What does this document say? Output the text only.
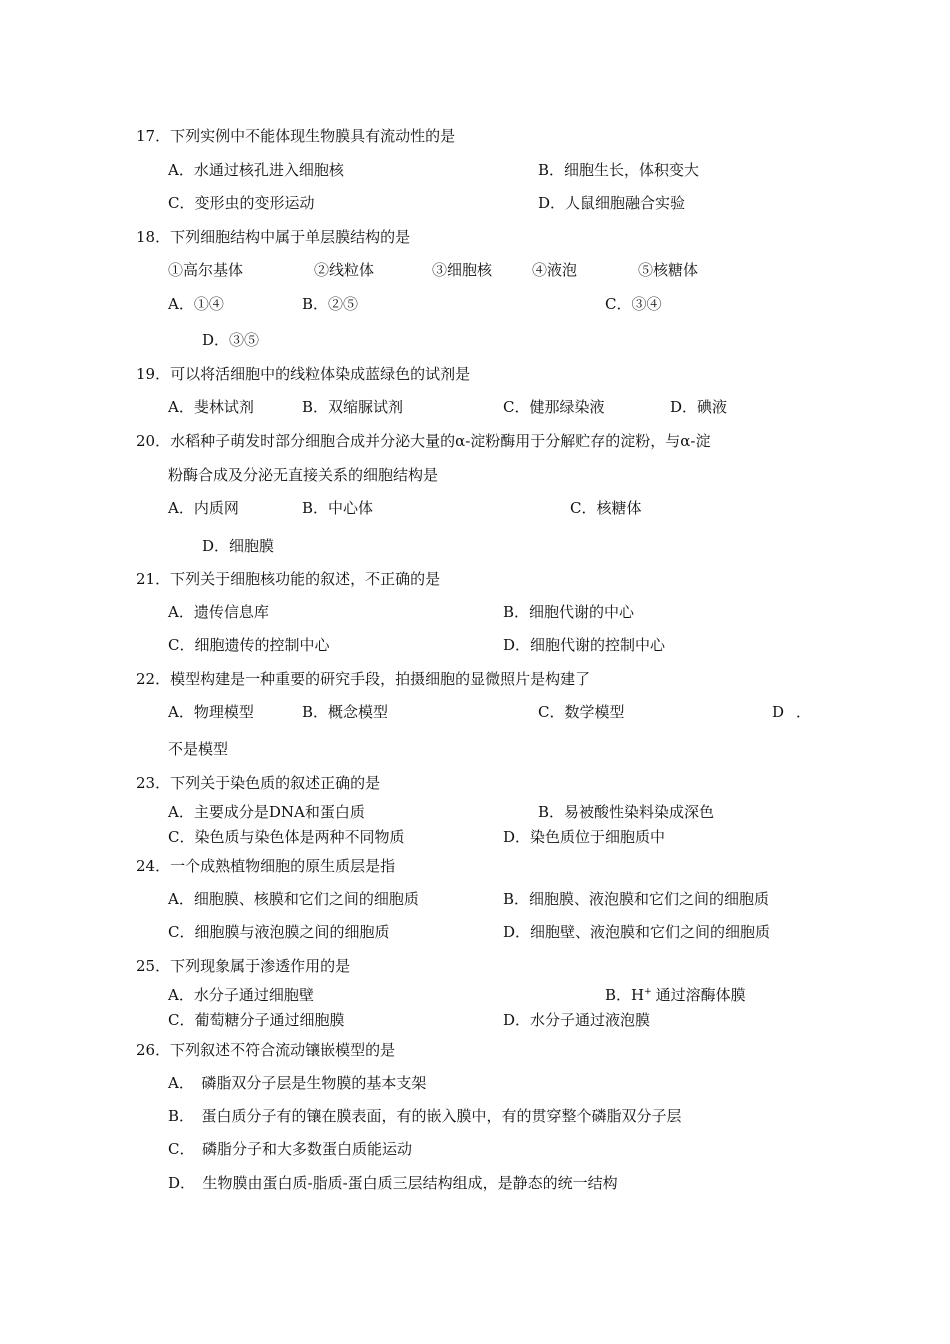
17．下列实例中不能体现生物膜具有流动性的是
A．水通过核孔进入细胞核	B．细胞生长，体积变大
C．变形虫的变形运动	D．人鼠细胞融合实验
18．下列细胞结构中属于单层膜结构的是
①高尔基体	②线粒体	③细胞核	④液泡	⑤核糖体
A．①④	B．②⑤	C．③④
D．③⑤
19．可以将活细胞中的线粒体染成蓝绿色的试剂是
A．斐林试剂	B．双缩脲试剂	C．健那绿染液	D．碘液
20．水稻种子萌发时部分细胞合成并分泌大量的α-淀粉酶用于分解贮存的淀粉，与α-淀
粉酶合成及分泌无直接关系的细胞结构是
A．内质网	B．中心体	C．核糖体
D．细胞膜
21．下列关于细胞核功能的叙述，不正确的是
A．遗传信息库	B．细胞代谢的中心
C．细胞遗传的控制中心	D．细胞代谢的控制中心
22．模型构建是一种重要的研究手段，拍摄细胞的显微照片是构建了
A．物理模型	B．概念模型	C．数学模型	D ．
不是模型
23．下列关于染色质的叙述正确的是
A．主要成分是DNA和蛋白质	B．易被酸性染料染成深色
C．染色质与染色体是两种不同物质	D．染色质位于细胞质中
24．一个成熟植物细胞的原生质层是指
A．细胞膜、核膜和它们之间的细胞质	B．细胞膜、液泡膜和它们之间的细胞质
C．细胞膜与液泡膜之间的细胞质	D．细胞壁、液泡膜和它们之间的细胞质
25．下列现象属于渗透作用的是
A．水分子通过细胞壁	B．H+ 通过溶酶体膜
C．葡萄糖分子通过细胞膜	D．水分子通过液泡膜
26．下列叙述不符合流动镶嵌模型的是
A．　磷脂双分子层是生物膜的基本支架
B．　蛋白质分子有的镶在膜表面，有的嵌入膜中，有的贯穿整个磷脂双分子层
C．　磷脂分子和大多数蛋白质能运动
D．　生物膜由蛋白质-脂质-蛋白质三层结构组成，是静态的统一结构
